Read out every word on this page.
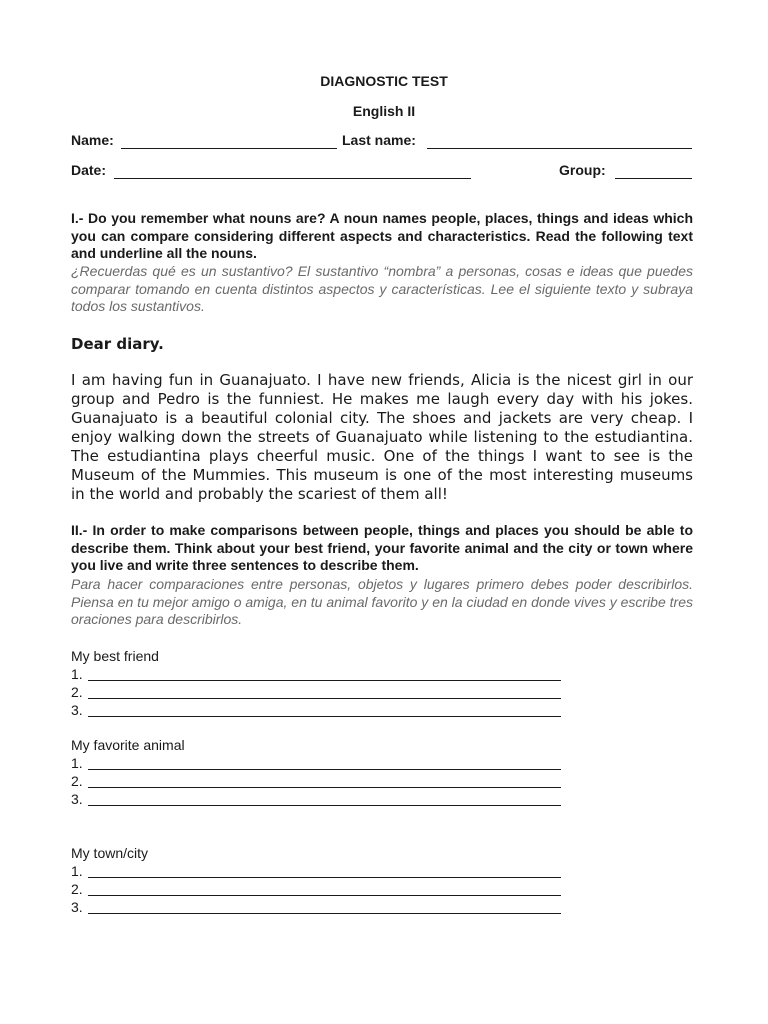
DIAGNOSTIC TEST
English II
Name:	Last name:
Date:	Group:
I.- Do you remember what nouns are? A noun names people, places, things and ideas which you can compare considering different aspects and characteristics. Read the following text and underline all the nouns.
¿Recuerdas qué es un sustantivo? El sustantivo “nombra” a personas, cosas e ideas que puedes comparar tomando en cuenta distintos aspectos y características. Lee el siguiente texto y subraya todos los sustantivos.
Dear diary.
I am having fun in Guanajuato. I have new friends, Alicia is the nicest girl in our group and Pedro is the funniest. He makes me laugh every day with his jokes. Guanajuato is a beautiful colonial city. The shoes and jackets are very cheap. I enjoy walking down the streets of Guanajuato while listening to the estudiantina. The estudiantina plays cheerful music. One of the things I want to see is the Museum of the Mummies. This museum is one of the most interesting museums in the world and probably the scariest of them all!
II.- In order to make comparisons between people, things and places you should be able to describe them. Think about your best friend, your favorite animal and the city or town where you live and write three sentences to describe them.
Para hacer comparaciones entre personas, objetos y lugares primero debes poder describirlos. Piensa en tu mejor amigo o amiga, en tu animal favorito y en la ciudad en donde vives y escribe tres oraciones para describirlos.
My best friend
1.
2.
3.
My favorite animal
1.
2.
3.
My town/city
1.
2.
3.
